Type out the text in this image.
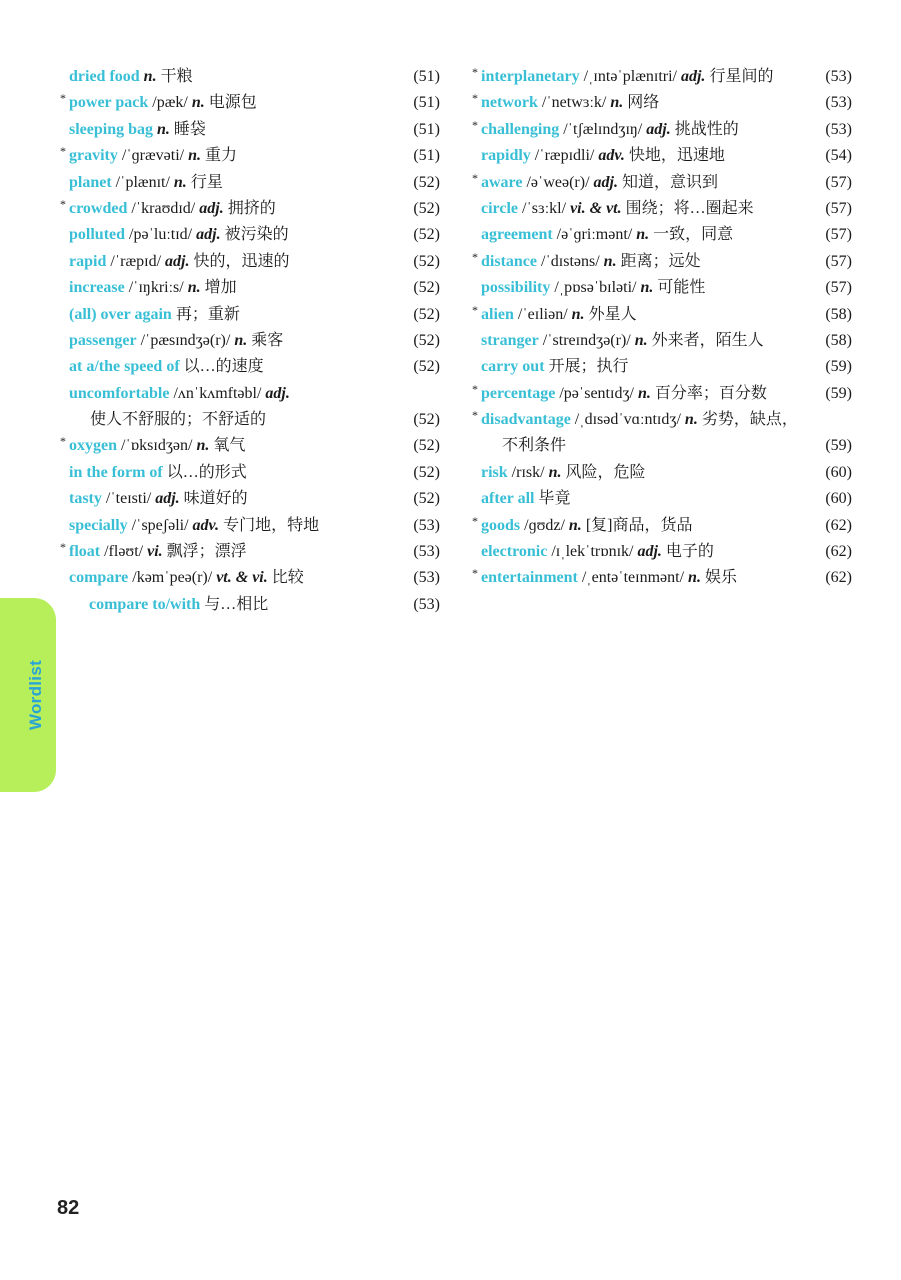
dried food n. 干粮	(51)
* power pack /pæk/ n. 电源包	(51)
sleeping bag n. 睡袋	(51)
* gravity /ˈɡrævəti/ n. 重力	(51)
planet /ˈplænɪt/ n. 行星	(52)
* crowded /ˈkraʊdɪd/ adj. 拥挤的	(52)
polluted /pəˈluːtɪd/ adj. 被污染的	(52)
rapid /ˈræpɪd/ adj. 快的，迅速的	(52)
increase /ˈɪŋkriːs/ n. 增加	(52)
(all) over again 再；重新	(52)
passenger /ˈpæsɪndʒə(r)/ n. 乘客	(52)
at a/the speed of 以…的速度	(52)
uncomfortable /ʌnˈkʌmftəbl/ adj.
使人不舒服的；不舒适的	(52)
* oxygen /ˈɒksɪdʒən/ n. 氧气	(52)
in the form of 以…的形式	(52)
tasty /ˈteɪsti/ adj. 味道好的	(52)
specially /ˈspeʃəli/ adv. 专门地，特地	(53)
* float /fləʊt/ vi. 飘浮；漂浮	(53)
compare /kəmˈpeə(r)/ vt. & vi. 比较	(53)
compare to/with 与…相比	(53)
* interplanetary /ˌɪntəˈplænɪtri/ adj. 行星间的	(53)
* network /ˈnetwɜːk/ n. 网络	(53)
* challenging /ˈtʃælɪndʒɪŋ/ adj. 挑战性的	(53)
rapidly /ˈræpɪdli/ adv. 快地，迅速地	(54)
* aware /əˈweə(r)/ adj. 知道，意识到	(57)
circle /ˈsɜːkl/ vi. & vt. 围绕；将…圈起来	(57)
agreement /əˈɡriːmənt/ n. 一致，同意	(57)
* distance /ˈdɪstəns/ n. 距离；远处	(57)
possibility /ˌpɒsəˈbɪləti/ n. 可能性	(57)
* alien /ˈeɪliən/ n. 外星人	(58)
stranger /ˈstreɪndʒə(r)/ n. 外来者，陌生人	(58)
carry out 开展；执行	(59)
* percentage /pəˈsentɪdʒ/ n. 百分率；百分数	(59)
* disadvantage /ˌdɪsədˈvɑːntɪdʒ/ n. 劣势，缺点，
不利条件	(59)
risk /rɪsk/ n. 风险，危险	(60)
after all 毕竟	(60)
* goods /ɡʊdz/ n. [复]商品，货品	(62)
electronic /ɪˌlekˈtrɒnɪk/ adj. 电子的	(62)
* entertainment /ˌentəˈteɪnmənt/ n. 娱乐	(62)
Wordlist
82
